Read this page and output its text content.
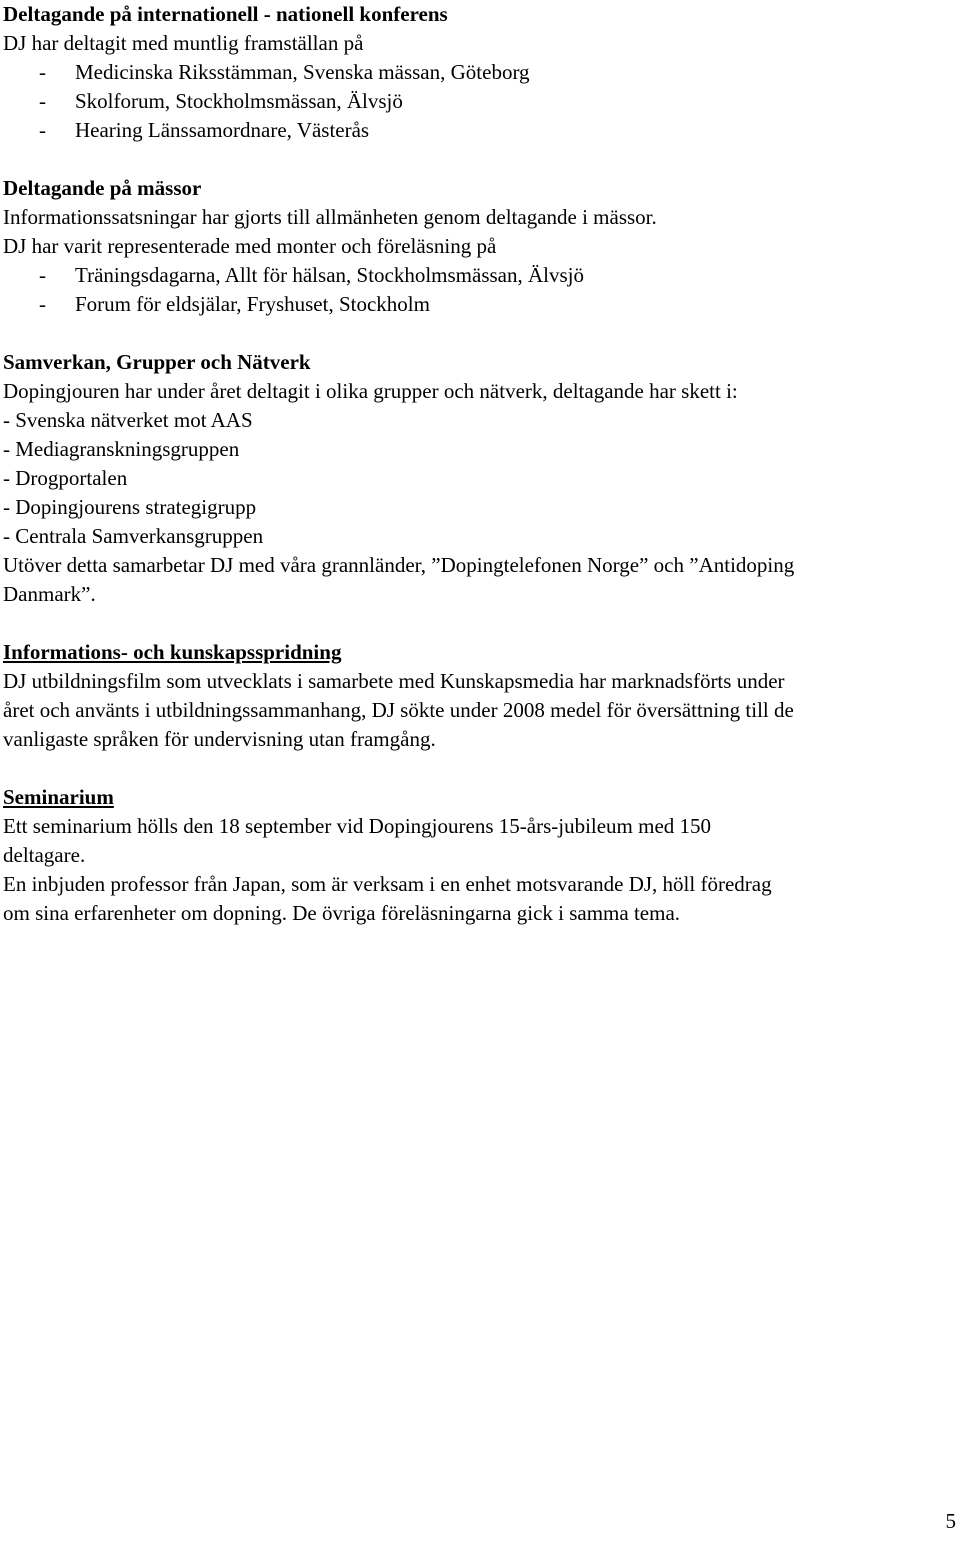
Deltagande på internationell - nationell konferens
DJ har deltagit med muntlig framställan på
-	Medicinska Riksstämman, Svenska mässan, Göteborg
-	Skolforum, Stockholmsmässan, Älvsjö
-	Hearing Länssamordnare, Västerås
Deltagande på mässor
Informationssatsningar har gjorts till allmänheten genom deltagande i mässor.
DJ har varit representerade med monter och föreläsning på
-	Träningsdagarna, Allt för hälsan, Stockholmsmässan, Älvsjö
-	Forum för eldsjälar, Fryshuset, Stockholm
Samverkan, Grupper och Nätverk
Dopingjouren har under året deltagit i olika grupper och nätverk, deltagande har skett i:
- Svenska nätverket mot AAS
- Mediagranskningsgruppen
- Drogportalen
- Dopingjourens strategigrupp
- Centrala Samverkansgruppen
Utöver detta samarbetar DJ med våra grannländer, ”Dopingtelefonen Norge” och ”Antidoping
Danmark”.
Informations- och kunskapsspridning
DJ utbildningsfilm som utvecklats i samarbete med Kunskapsmedia har marknadsförts under
året och använts i utbildningssammanhang, DJ sökte under 2008 medel för översättning till de
vanligaste språken för undervisning utan framgång.
Seminarium
Ett seminarium hölls den 18 september vid Dopingjourens 15-års-jubileum med 150
deltagare.
En inbjuden professor från Japan, som är verksam i en enhet motsvarande DJ, höll föredrag
om sina erfarenheter om dopning. De övriga föreläsningarna gick i samma tema.
5
